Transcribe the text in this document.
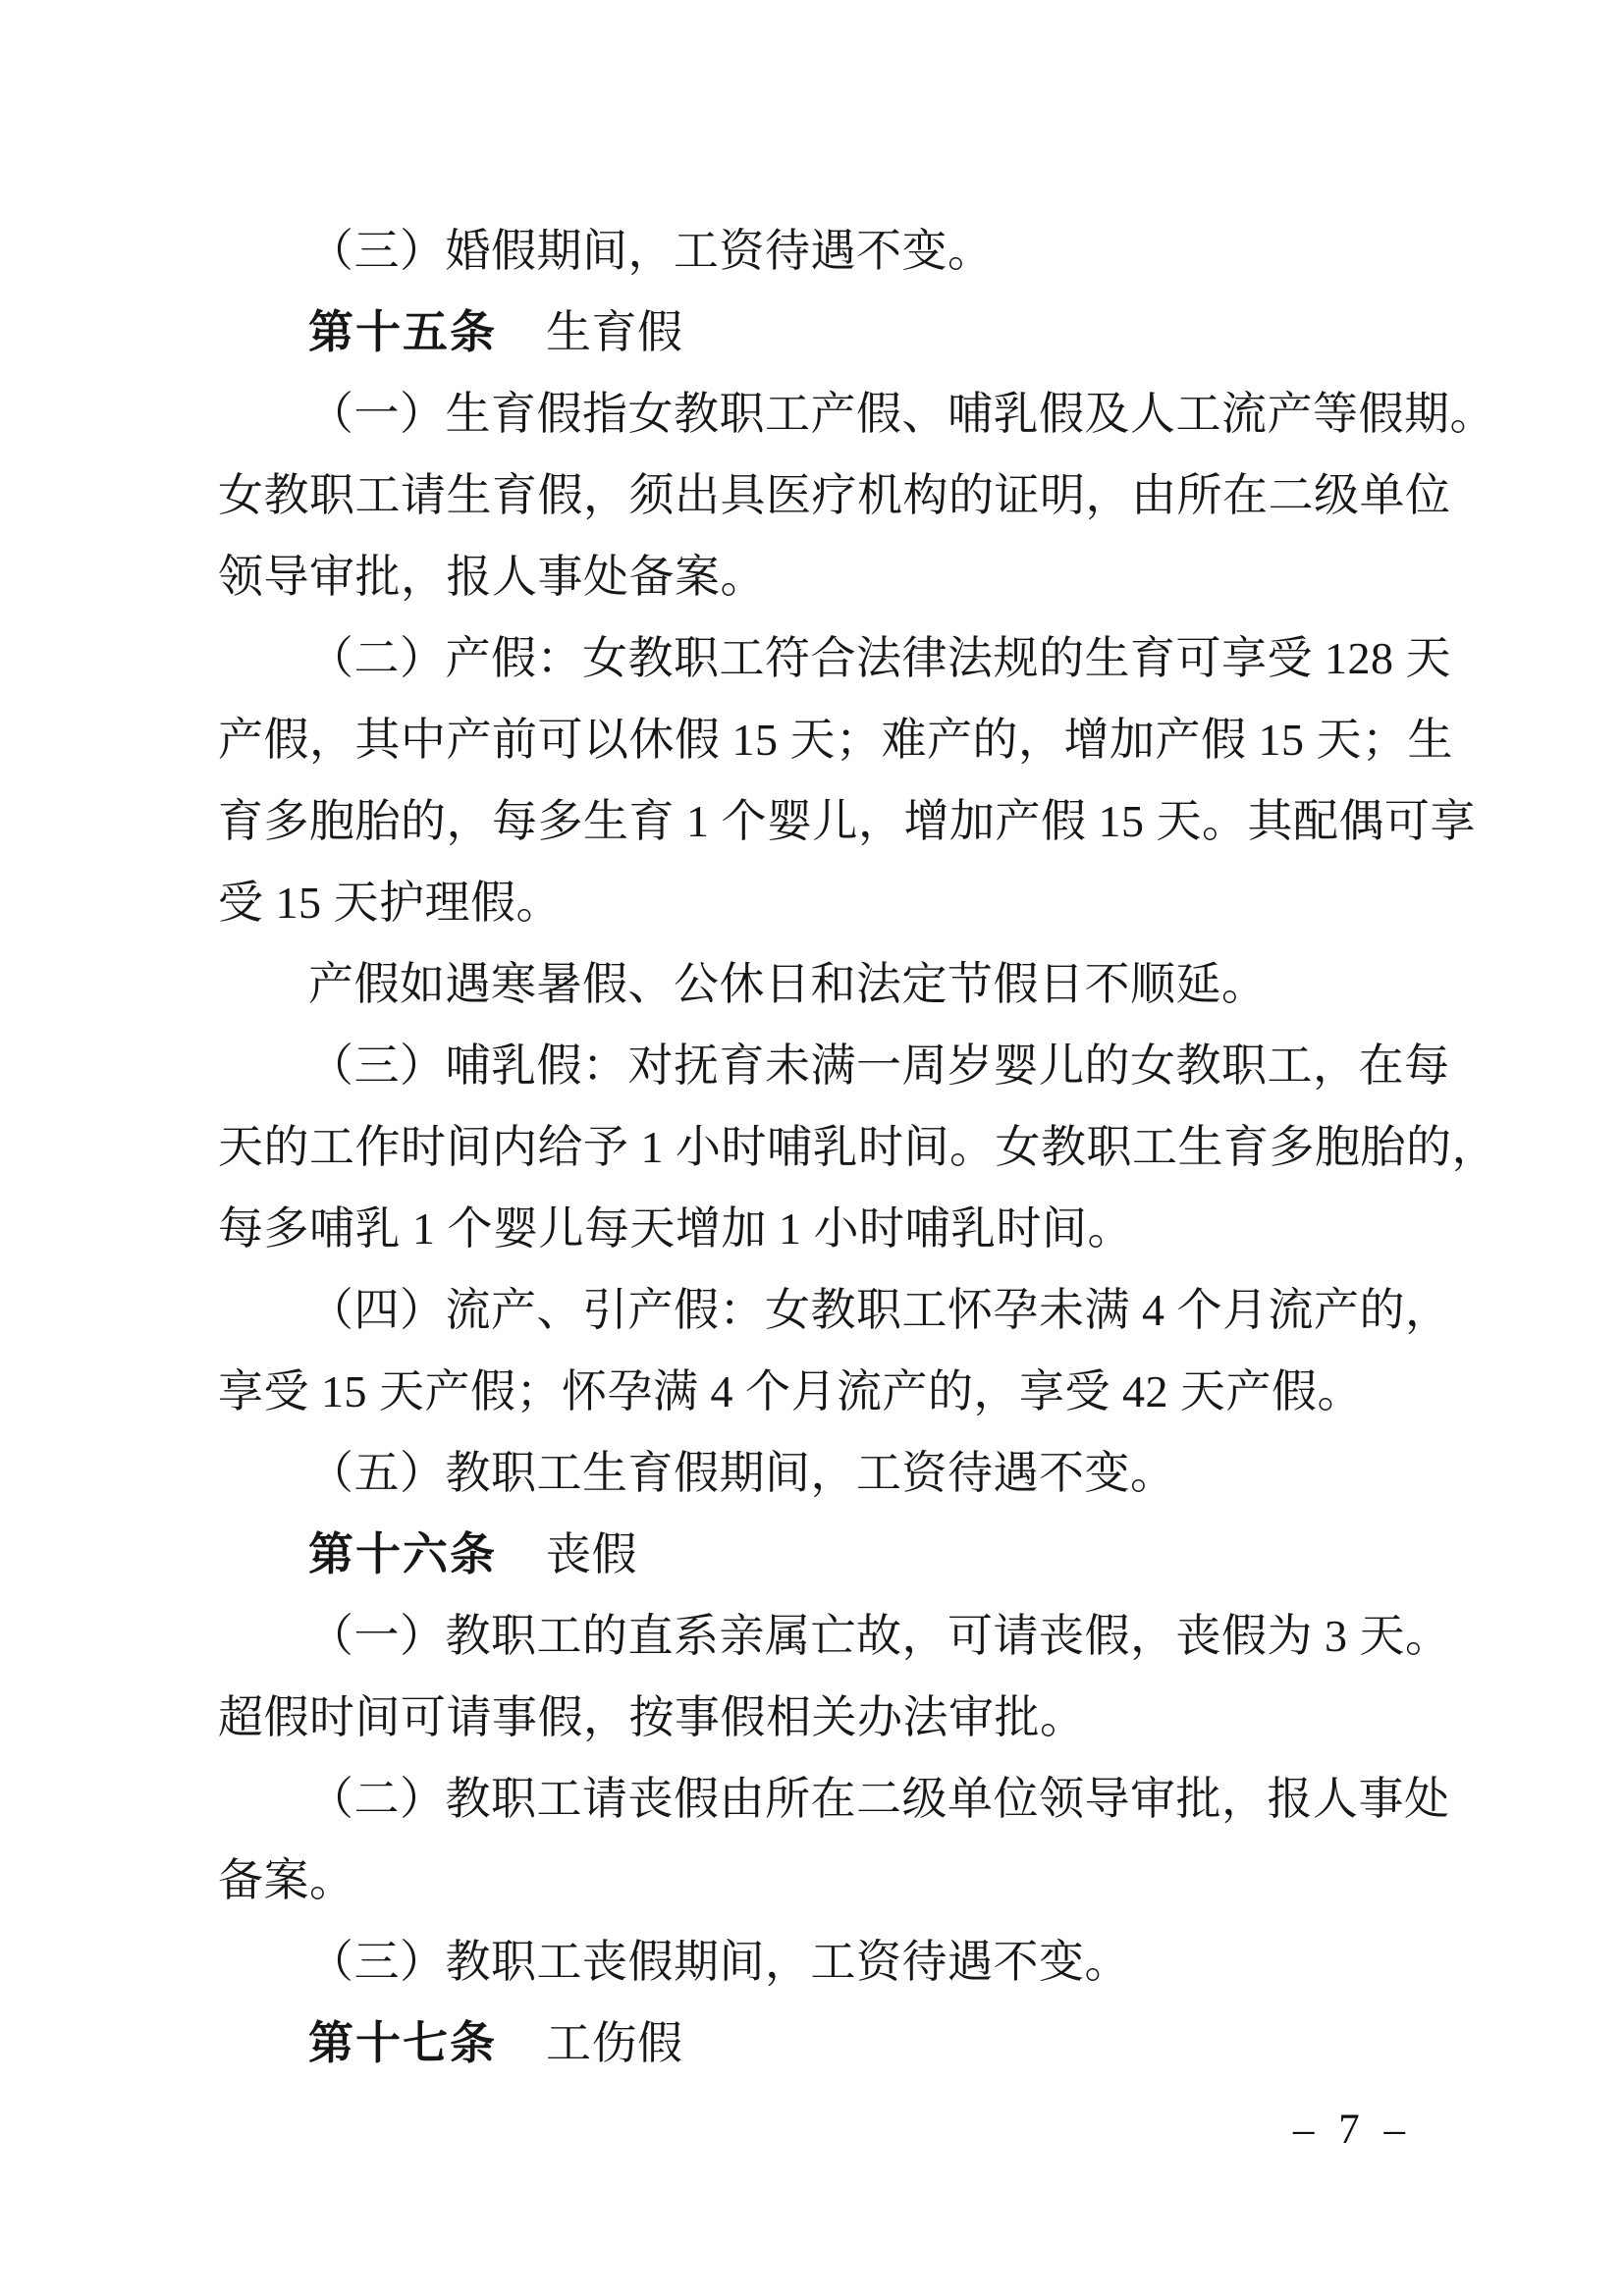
（三）婚假期间，工资待遇不变。
第十五条 生育假
（一）生育假指女教职工产假、哺乳假及人工流产等假期。
女教职工请生育假，须出具医疗机构的证明，由所在二级单位
领导审批，报人事处备案。
（二）产假：女教职工符合法律法规的生育可享受 128 天
产假，其中产前可以休假 15 天；难产的，增加产假 15 天；生
育多胞胎的，每多生育 1 个婴儿，增加产假 15 天。其配偶可享
受 15 天护理假。
产假如遇寒暑假、公休日和法定节假日不顺延。
（三）哺乳假：对抚育未满一周岁婴儿的女教职工，在每
天的工作时间内给予 1 小时哺乳时间。女教职工生育多胞胎的，
每多哺乳 1 个婴儿每天增加 1 小时哺乳时间。
（四）流产、引产假：女教职工怀孕未满 4 个月流产的，
享受 15 天产假；怀孕满 4 个月流产的，享受 42 天产假。
（五）教职工生育假期间，工资待遇不变。
第十六条 丧假
（一）教职工的直系亲属亡故，可请丧假，丧假为 3 天。
超假时间可请事假，按事假相关办法审批。
（二）教职工请丧假由所在二级单位领导审批，报人事处
备案。
（三）教职工丧假期间，工资待遇不变。
第十七条 工伤假
– 7 –
